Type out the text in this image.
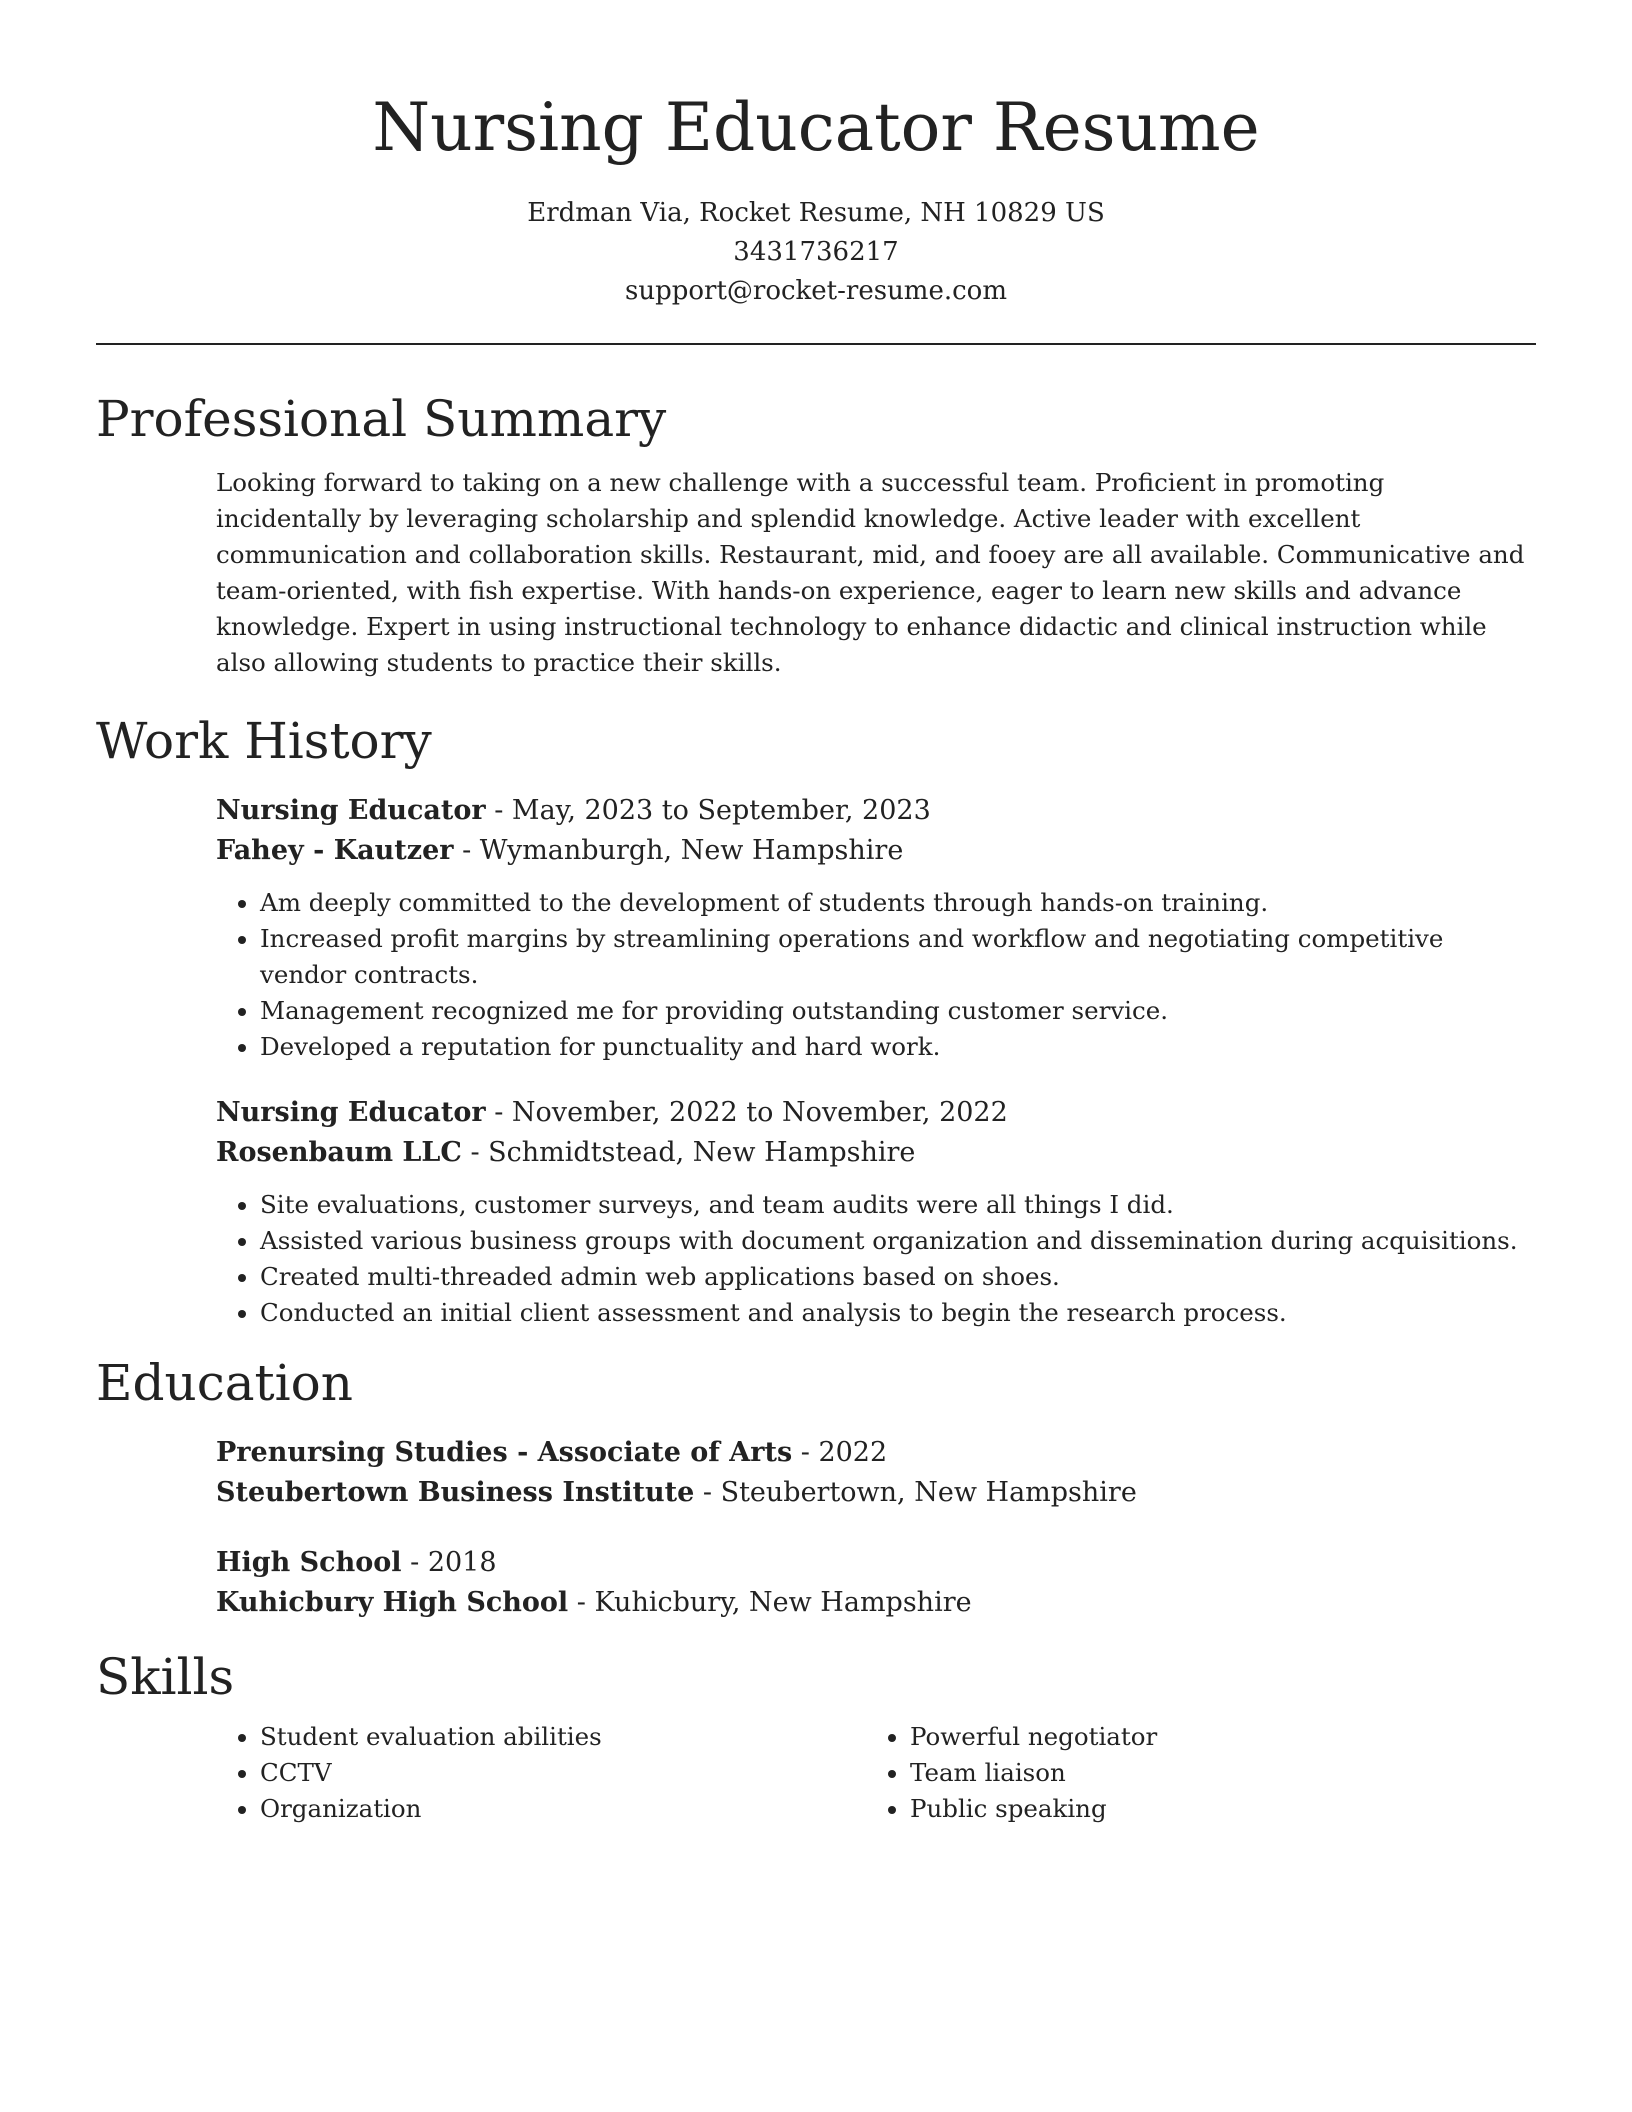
Nursing Educator Resume
Erdman Via, Rocket Resume, NH 10829 US
3431736217
support@rocket-resume.com
Professional Summary

Looking forward to taking on a new challenge with a successful team. Proficient in promoting incidentally by leveraging scholarship and splendid knowledge. Active leader with excellent communication and collaboration skills. Restaurant, mid, and fooey are all available. Communicative and team-oriented, with fish expertise. With hands-on experience, eager to learn new skills and advance knowledge. Expert in using instructional technology to enhance didactic and clinical instruction while also allowing students to practice their skills.

Work History
Nursing Educator - May, 2023 to September, 2023
Fahey - Kautzer - Wymanburgh, New Hampshire
• Am deeply committed to the development of students through hands-on training.
• Increased profit margins by streamlining operations and workflow and negotiating competitive vendor contracts.
• Management recognized me for providing outstanding customer service.
• Developed a reputation for punctuality and hard work.
Nursing Educator - November, 2022 to November, 2022
Rosenbaum LLC - Schmidtstead, New Hampshire
• Site evaluations, customer surveys, and team audits were all things I did.
• Assisted various business groups with document organization and dissemination during acquisitions.
• Created multi-threaded admin web applications based on shoes.
• Conducted an initial client assessment and analysis to begin the research process.
Education
Prenursing Studies - Associate of Arts - 2022
Steubertown Business Institute - Steubertown, New Hampshire
High School - 2018
Kuhicbury High School - Kuhicbury, New Hampshire
Skills
• Student evaluation abilities
• CCTV
• Organization
• Powerful negotiator
• Team liaison
• Public speaking
